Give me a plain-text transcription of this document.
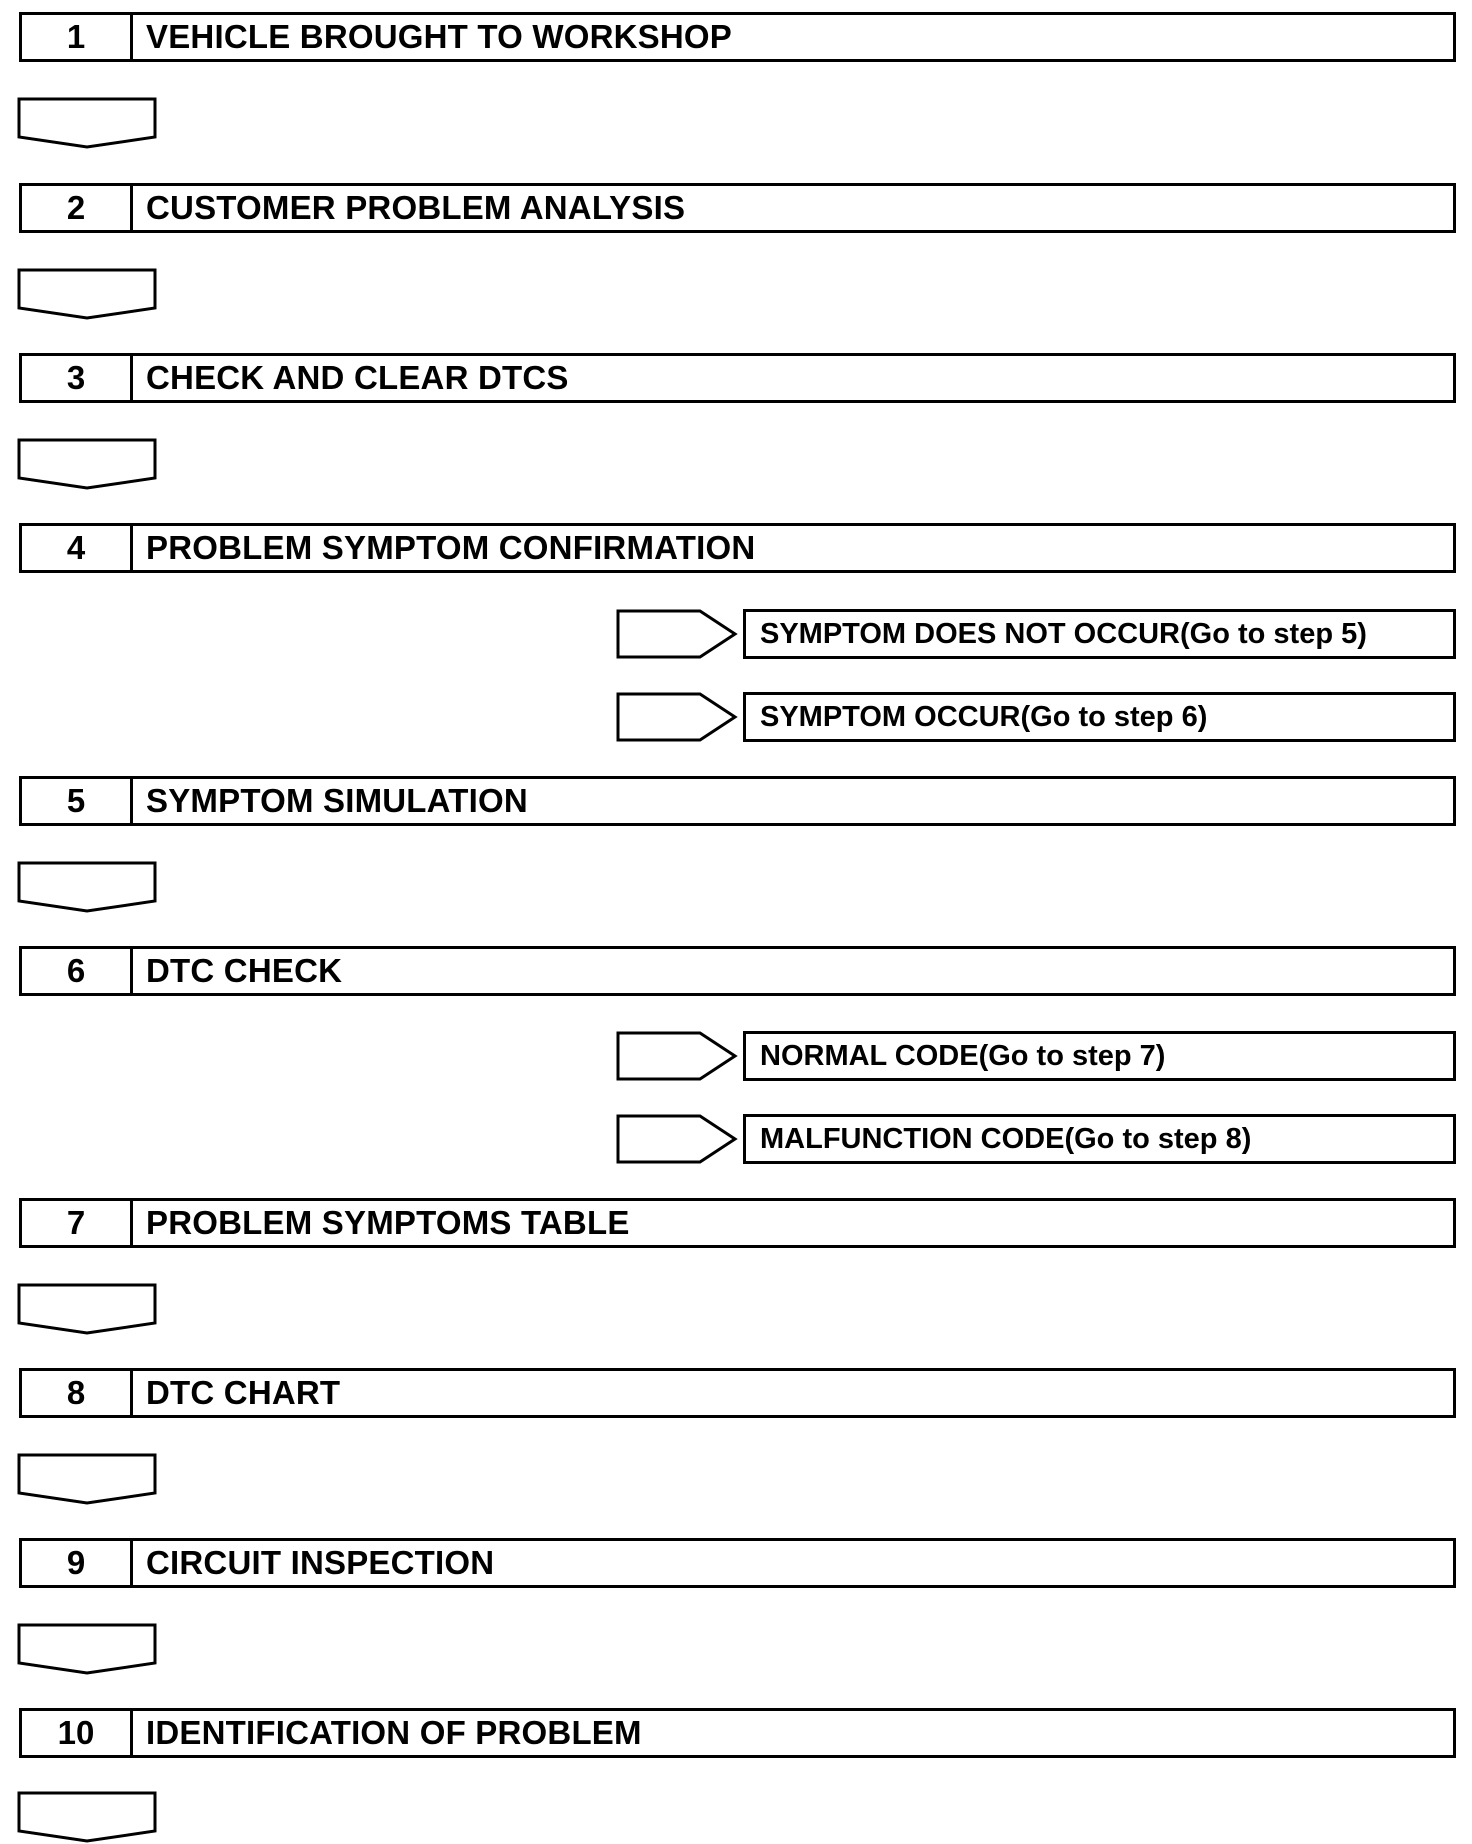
1	VEHICLE BROUGHT TO WORKSHOP
2	CUSTOMER PROBLEM ANALYSIS
3	CHECK AND CLEAR DTCS
4	PROBLEM SYMPTOM CONFIRMATION
SYMPTOM DOES NOT OCCUR(Go to step 5)
SYMPTOM OCCUR(Go to step 6)
5	SYMPTOM SIMULATION
6	DTC CHECK
NORMAL CODE(Go to step 7)
MALFUNCTION CODE(Go to step 8)
7	PROBLEM SYMPTOMS TABLE
8	DTC CHART
9	CIRCUIT INSPECTION
10	IDENTIFICATION OF PROBLEM
